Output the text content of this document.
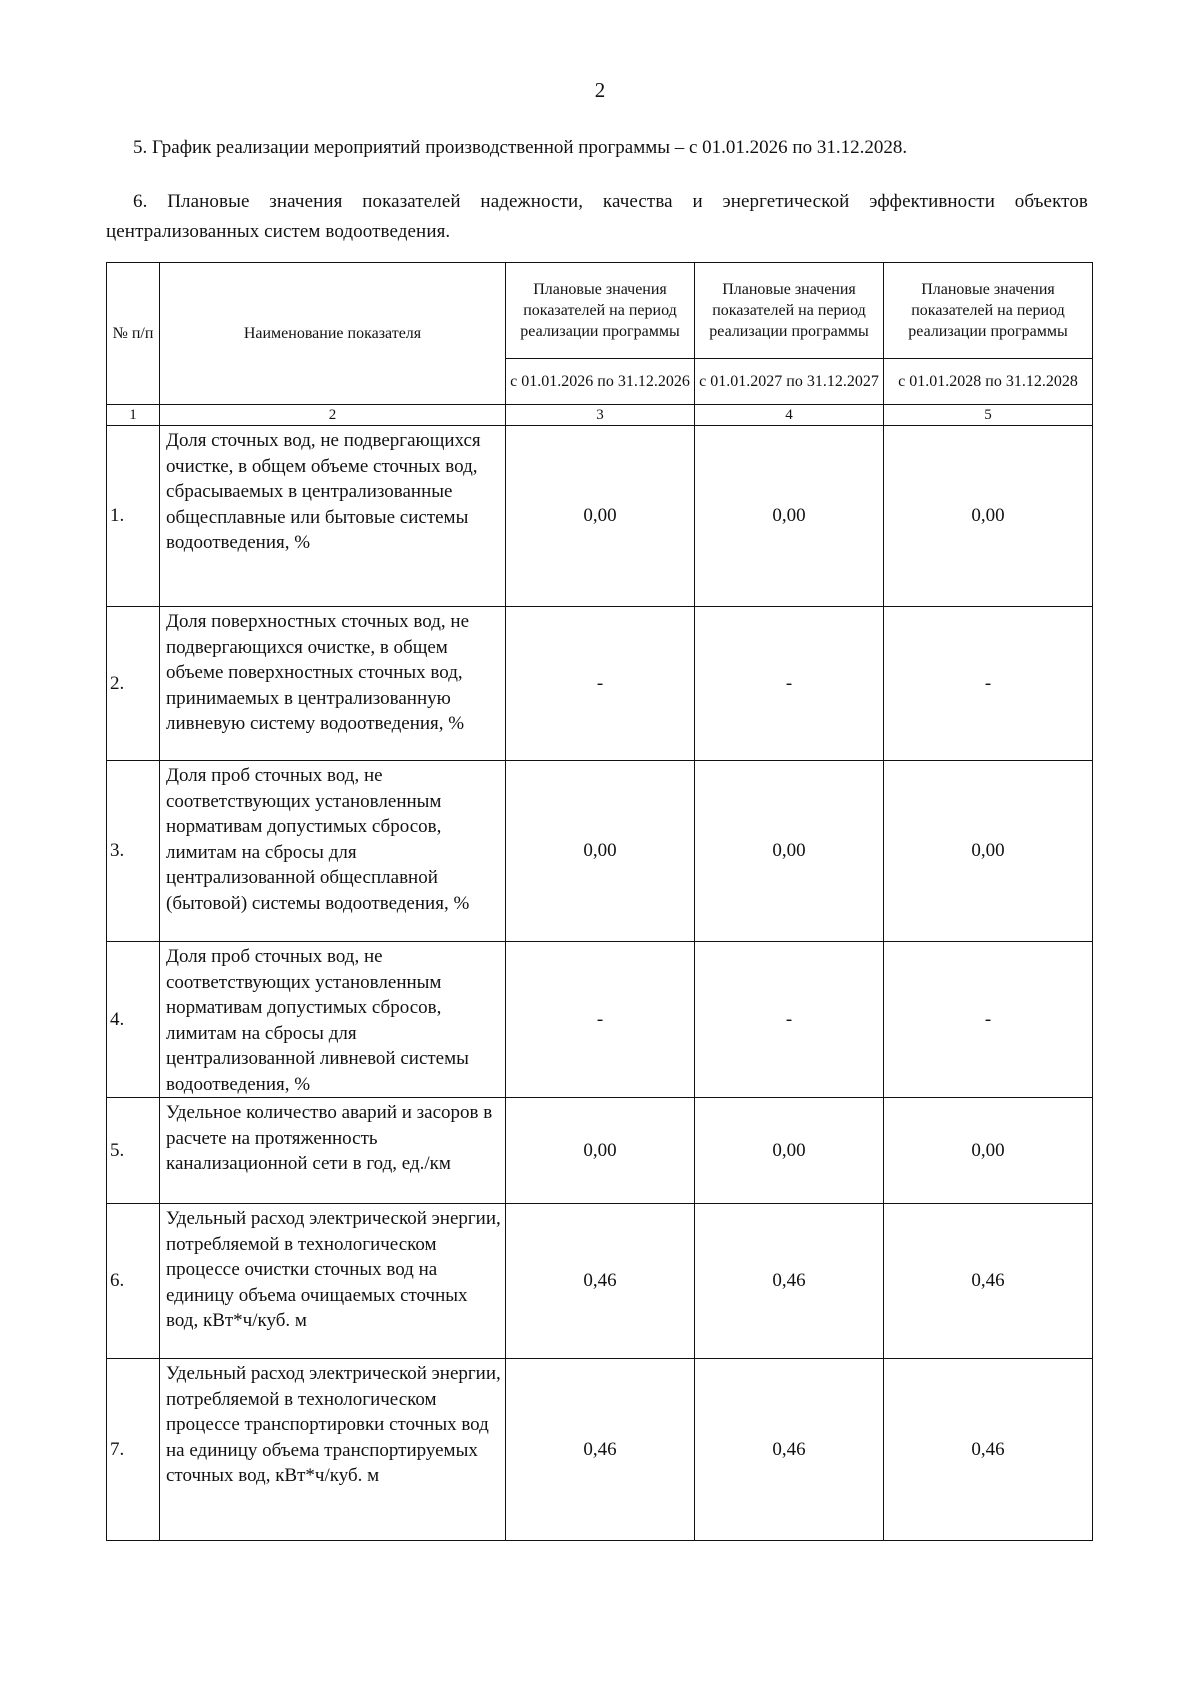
2
5. График реализации мероприятий производственной программы – с 01.01.2026 по 31.12.2028.
6. Плановые значения показателей надежности, качества и энергетической эффективности объектов централизованных систем водоотведения.
№ п/п	Наименование показателя	Плановые значения показателей на период реализации программы	Плановые значения показателей на период реализации программы	Плановые значения показателей на период реализации программы
		с 01.01.2026 по 31.12.2026	с 01.01.2027 по 31.12.2027	с 01.01.2028 по 31.12.2028
1	2	3	4	5
1.	Доля сточных вод, не подвергающихся очистке, в общем объеме сточных вод, сбрасываемых в централизованные общесплавные или бытовые системы водоотведения, %	0,00	0,00	0,00
2.	Доля поверхностных сточных вод, не подвергающихся очистке, в общем объеме поверхностных сточных вод, принимаемых в централизованную ливневую систему водоотведения, %	-	-	-
3.	Доля проб сточных вод, не соответствующих установленным нормативам допустимых сбросов, лимитам на сбросы для централизованной общесплавной (бытовой) системы водоотведения, %	0,00	0,00	0,00
4.	Доля проб сточных вод, не соответствующих установленным нормативам допустимых сбросов, лимитам на сбросы для централизованной ливневой системы водоотведения, %	-	-	-
5.	Удельное количество аварий и засоров в расчете на протяженность канализационной сети в год, ед./км	0,00	0,00	0,00
6.	Удельный расход электрической энергии, потребляемой в технологическом процессе очистки сточных вод на единицу объема очищаемых сточных вод, кВт*ч/куб. м	0,46	0,46	0,46
7.	Удельный расход электрической энергии, потребляемой в технологическом процессе транспортировки сточных вод на единицу объема транспортируемых сточных вод, кВт*ч/куб. м	0,46	0,46	0,46
